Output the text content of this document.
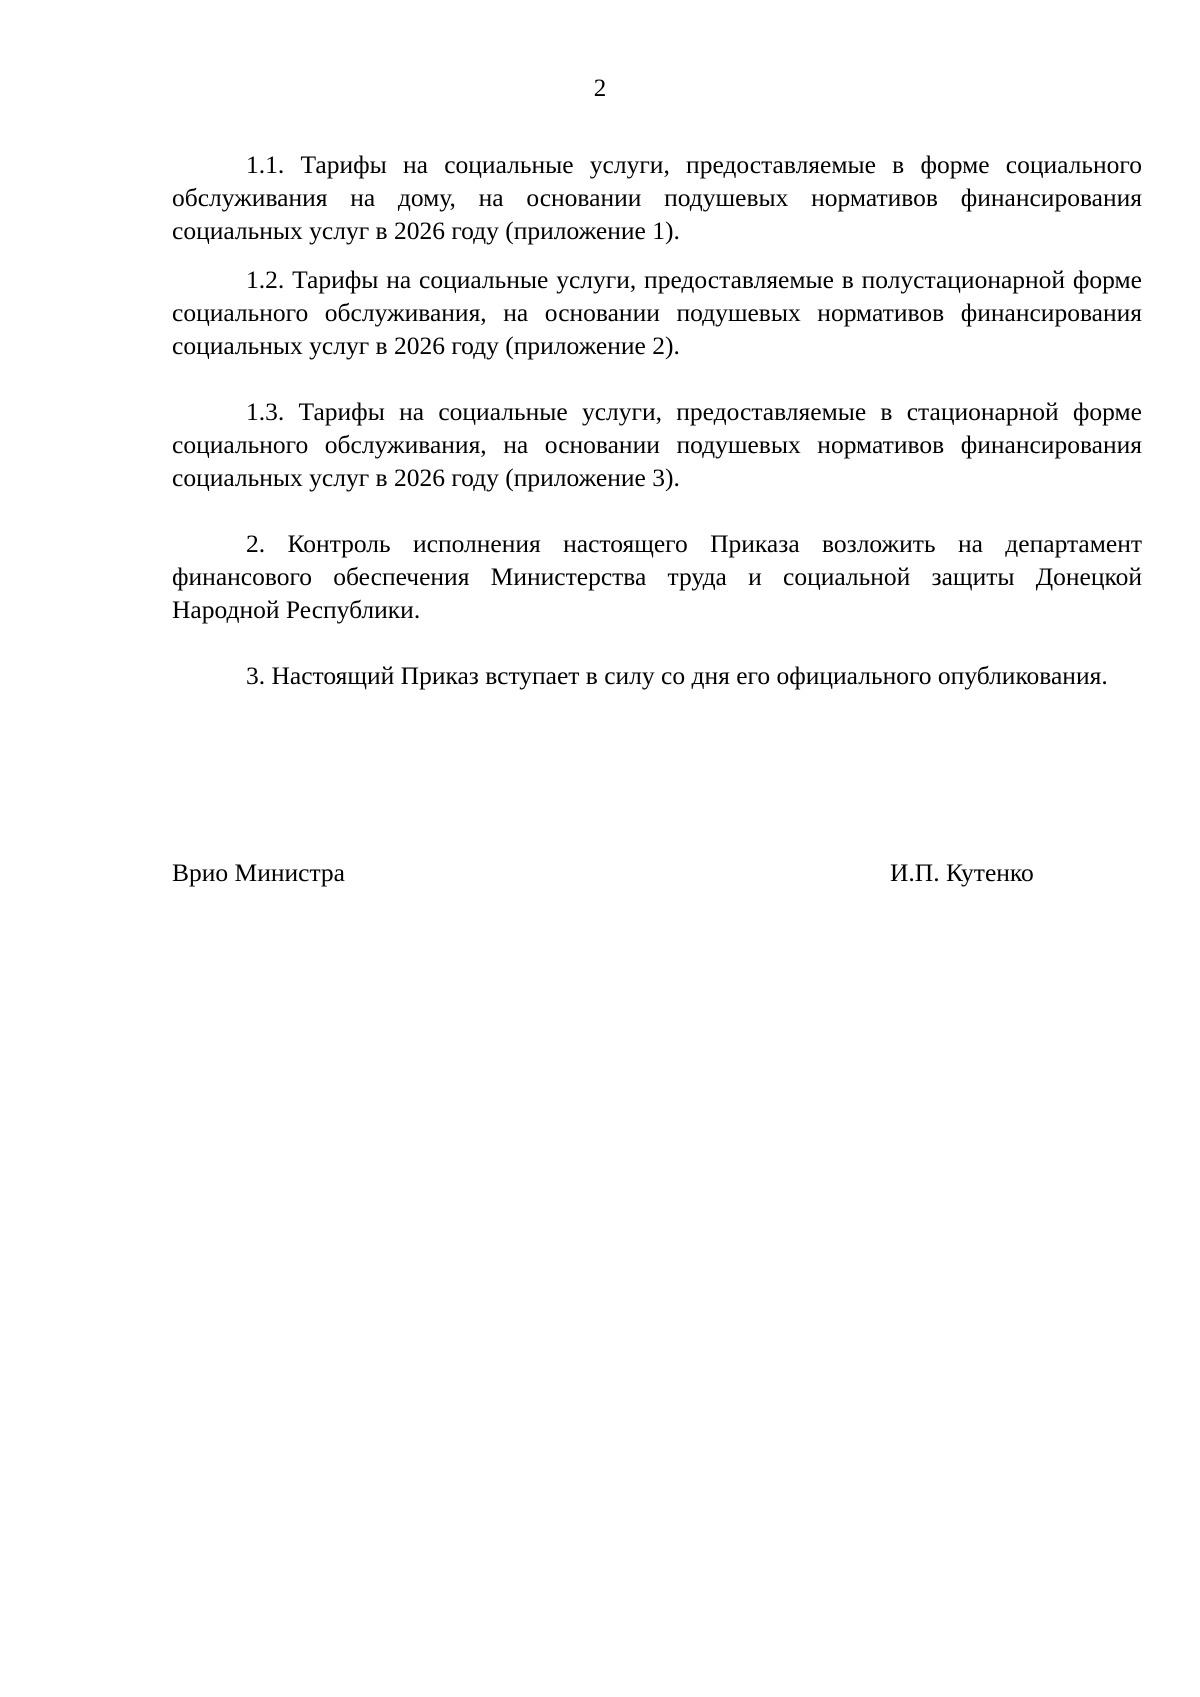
2

1.1. Тарифы на социальные услуги, предоставляемые в форме социального обслуживания на дому, на основании подушевых нормативов финансирования социальных услуг в 2026 году (приложение 1).

1.2. Тарифы на социальные услуги, предоставляемые в полустационарной форме социального обслуживания, на основании подушевых нормативов финансирования социальных услуг в 2026 году (приложение 2).

1.3. Тарифы на социальные услуги, предоставляемые в стационарной форме социального обслуживания, на основании подушевых нормативов финансирования социальных услуг в 2026 году (приложение 3).

2. Контроль исполнения настоящего Приказа возложить на департамент финансового обеспечения Министерства труда и социальной защиты Донецкой Народной Республики.

3. Настоящий Приказ вступает в силу со дня его официального опубликования.

Врио Министра	И.П. Кутенко
